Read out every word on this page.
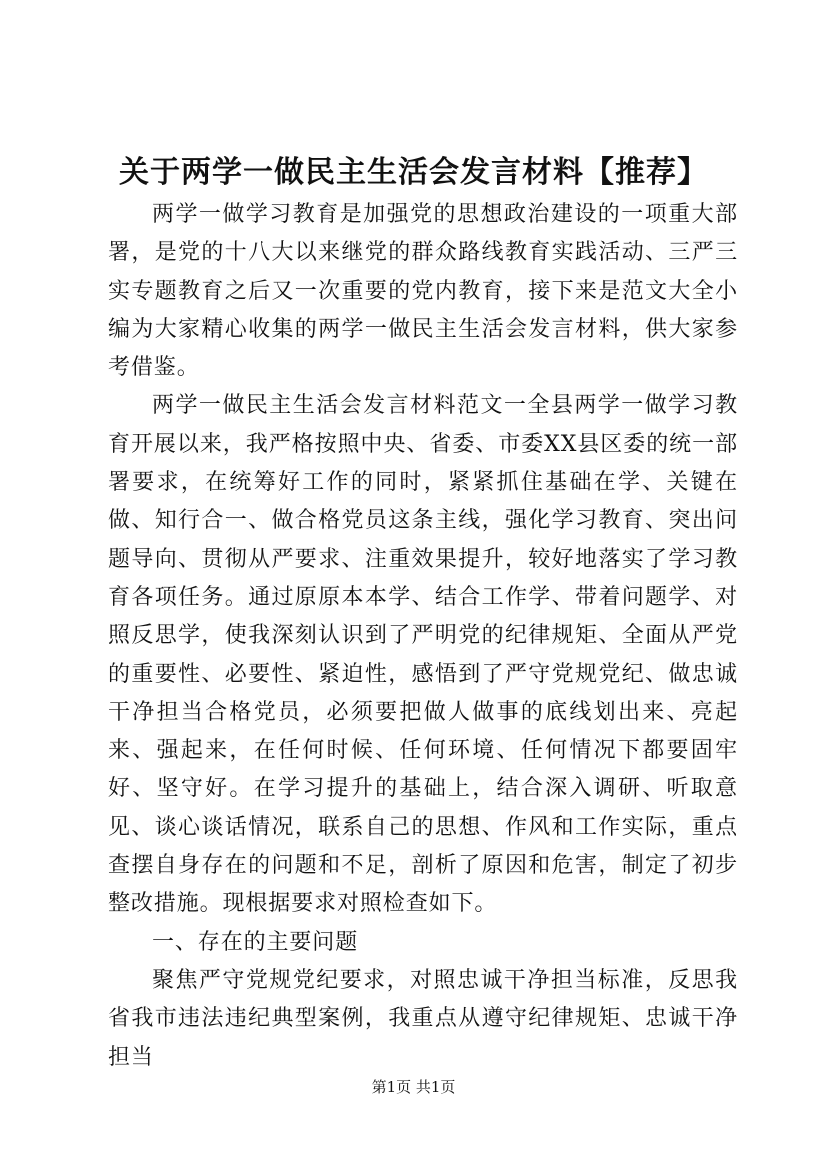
关于两学一做民主生活会发言材料【推荐】

两学一做学习教育是加强党的思想政治建设的一项重大部署，是党的十八大以来继党的群众路线教育实践活动、三严三实专题教育之后又一次重要的党内教育，接下来是范文大全小编为大家精心收集的两学一做民主生活会发言材料，供大家参考借鉴。

两学一做民主生活会发言材料范文一全县两学一做学习教育开展以来，我严格按照中央、省委、市委XX县区委的统一部署要求，在统筹好工作的同时，紧紧抓住基础在学、关键在做、知行合一、做合格党员这条主线，强化学习教育、突出问题导向、贯彻从严要求、注重效果提升，较好地落实了学习教育各项任务。通过原原本本学、结合工作学、带着问题学、对照反思学，使我深刻认识到了严明党的纪律规矩、全面从严党的重要性、必要性、紧迫性，感悟到了严守党规党纪、做忠诚干净担当合格党员，必须要把做人做事的底线划出来、亮起来、强起来，在任何时候、任何环境、任何情况下都要固牢好、坚守好。在学习提升的基础上，结合深入调研、听取意见、谈心谈话情况，联系自己的思想、作风和工作实际，重点查摆自身存在的问题和不足，剖析了原因和危害，制定了初步整改措施。现根据要求对照检查如下。

一、存在的主要问题

聚焦严守党规党纪要求，对照忠诚干净担当标准，反思我省我市违法违纪典型案例，我重点从遵守纪律规矩、忠诚干净担当

第1页 共1页
